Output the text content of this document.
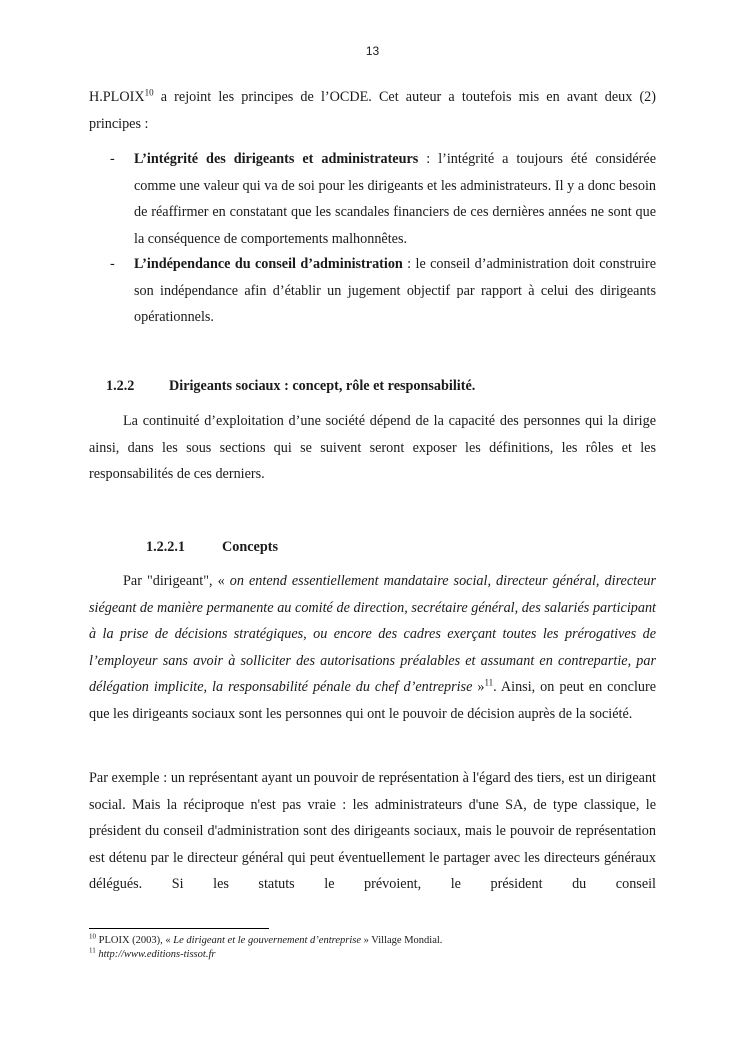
13

H.PLOIX$^{10}$ a rejoint les principes de l’OCDE. Cet auteur a toutefois mis en avant deux (2) principes :

- L’intégrité des dirigeants et administrateurs : l’intégrité a toujours été considérée comme une valeur qui va de soi pour les dirigeants et les administrateurs. Il y a donc besoin de réaffirmer en constatant que les scandales financiers de ces dernières années ne sont que la conséquence de comportements malhonnêtes.

- L’indépendance du conseil d’administration : le conseil d’administration doit construire son indépendance afin d’établir un jugement objectif par rapport à celui des dirigeants opérationnels.

1.2.2 Dirigeants sociaux : concept, rôle et responsabilité.

La continuité d’exploitation d’une société dépend de la capacité des personnes qui la dirige ainsi, dans les sous sections qui se suivent seront exposer les définitions, les rôles et les responsabilités de ces derniers.

1.2.2.1	Concepts

Par "dirigeant", « on entend essentiellement mandataire social, directeur général, directeur siégeant de manière permanente au comité de direction, secrétaire général, des salariés participant à la prise de décisions stratégiques, ou encore des cadres exerçant toutes les prérogatives de l’employeur sans avoir à solliciter des autorisations préalables et assumant en contrepartie, par délégation implicite, la responsabilité pénale du chef d’entreprise »$^{11}$. Ainsi, on peut en conclure que les dirigeants sociaux sont les personnes qui ont le pouvoir de décision auprès de la société.

Par exemple : un représentant ayant un pouvoir de représentation à l'égard des tiers, est un dirigeant social. Mais la réciproque n'est pas vraie : les administrateurs d'une SA, de type classique, le président du conseil d'administration sont des dirigeants sociaux, mais le pouvoir de représentation est détenu par le directeur général qui peut éventuellement le partager avec les directeurs généraux délégués. Si les statuts le prévoient, le président du conseil

$^{10}$ PLOIX (2003), « Le dirigeant et le gouvernement d’entreprise » Village Mondial.
$^{11}$ http://www.editions-tissot.fr
